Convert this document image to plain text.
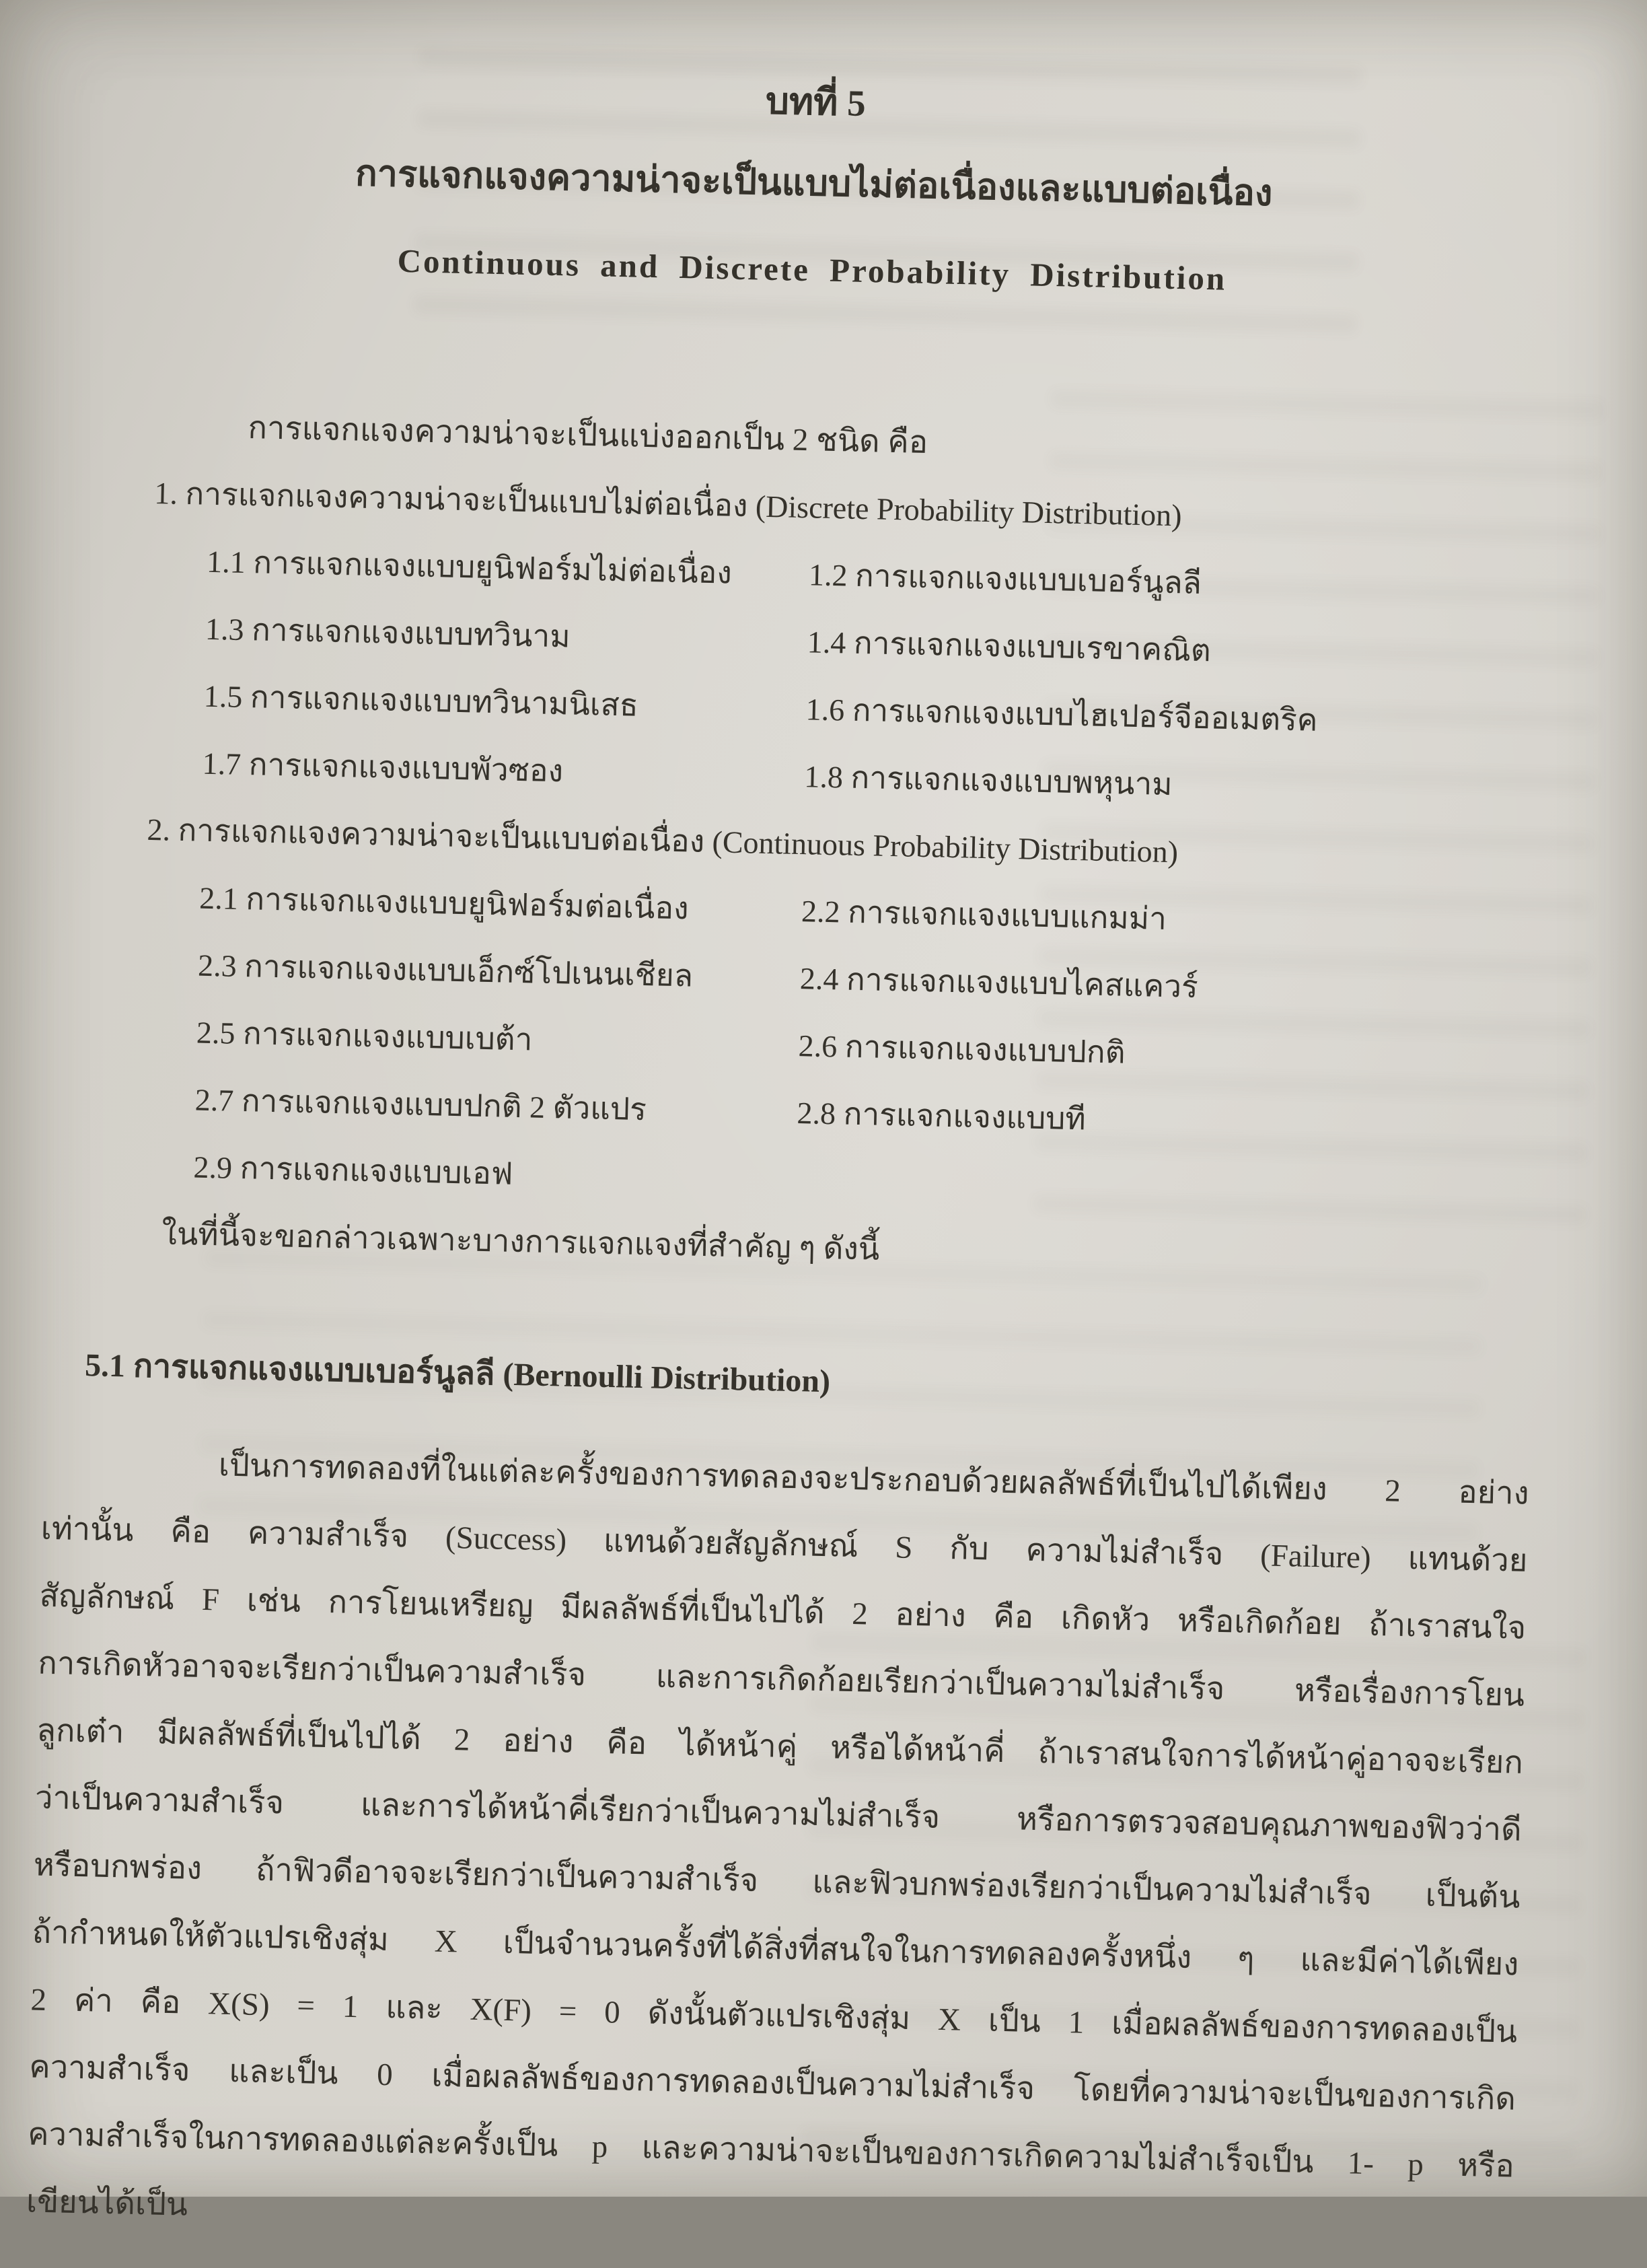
บทที่ 5
การแจกแจงความน่าจะเป็นแบบไม่ต่อเนื่องและแบบต่อเนื่อง
Continuous and Discrete Probability Distribution
การแจกแจงความน่าจะเป็นแบ่งออกเป็น 2 ชนิด คือ
1. การแจกแจงความน่าจะเป็นแบบไม่ต่อเนื่อง (Discrete Probability Distribution)
1.1 การแจกแจงแบบยูนิฟอร์มไม่ต่อเนื่อง	1.2 การแจกแจงแบบเบอร์นูลลี
1.3 การแจกแจงแบบทวินาม	1.4 การแจกแจงแบบเรขาคณิต
1.5 การแจกแจงแบบทวินามนิเสธ	1.6 การแจกแจงแบบไฮเปอร์จีออเมตริค
1.7 การแจกแจงแบบพัวซอง	1.8 การแจกแจงแบบพหุนาม
2. การแจกแจงความน่าจะเป็นแบบต่อเนื่อง (Continuous Probability Distribution)
2.1 การแจกแจงแบบยูนิฟอร์มต่อเนื่อง	2.2 การแจกแจงแบบแกมม่า
2.3 การแจกแจงแบบเอ็กซ์โปเนนเชียล	2.4 การแจกแจงแบบไคสแควร์
2.5 การแจกแจงแบบเบต้า	2.6 การแจกแจงแบบปกติ
2.7 การแจกแจงแบบปกติ 2 ตัวแปร	2.8 การแจกแจงแบบที
2.9 การแจกแจงแบบเอฟ
ในที่นี้จะขอกล่าวเฉพาะบางการแจกแจงที่สำคัญ ๆ ดังนี้
5.1 การแจกแจงแบบเบอร์นูลลี (Bernoulli Distribution)
เป็นการทดลองที่ในแต่ละครั้งของการทดลองจะประกอบด้วยผลลัพธ์ที่เป็นไปได้เพียง 2 อย่าง
เท่านั้น คือ ความสำเร็จ (Success) แทนด้วยสัญลักษณ์ S กับ ความไม่สำเร็จ (Failure) แทนด้วย
สัญลักษณ์ F เช่น การโยนเหรียญ มีผลลัพธ์ที่เป็นไปได้ 2 อย่าง คือ เกิดหัว หรือเกิดก้อย ถ้าเราสนใจ
การเกิดหัวอาจจะเรียกว่าเป็นความสำเร็จ และการเกิดก้อยเรียกว่าเป็นความไม่สำเร็จ หรือเรื่องการโยน
ลูกเต๋า มีผลลัพธ์ที่เป็นไปได้ 2 อย่าง คือ ได้หน้าคู่ หรือได้หน้าคี่ ถ้าเราสนใจการได้หน้าคู่อาจจะเรียก
ว่าเป็นความสำเร็จ และการได้หน้าคี่เรียกว่าเป็นความไม่สำเร็จ หรือการตรวจสอบคุณภาพของฟิวว่าดี
หรือบกพร่อง ถ้าฟิวดีอาจจะเรียกว่าเป็นความสำเร็จ และฟิวบกพร่องเรียกว่าเป็นความไม่สำเร็จ เป็นต้น
ถ้ากำหนดให้ตัวแปรเชิงสุ่ม X เป็นจำนวนครั้งที่ได้สิ่งที่สนใจในการทดลองครั้งหนึ่ง ๆ และมีค่าได้เพียง
2 ค่า คือ X(S) = 1 และ X(F) = 0 ดังนั้นตัวแปรเชิงสุ่ม X เป็น 1 เมื่อผลลัพธ์ของการทดลองเป็น
ความสำเร็จ และเป็น 0 เมื่อผลลัพธ์ของการทดลองเป็นความไม่สำเร็จ โดยที่ความน่าจะเป็นของการเกิด
ความสำเร็จในการทดลองแต่ละครั้งเป็น p และความน่าจะเป็นของการเกิดความไม่สำเร็จเป็น 1- p หรือ
เขียนได้เป็น
